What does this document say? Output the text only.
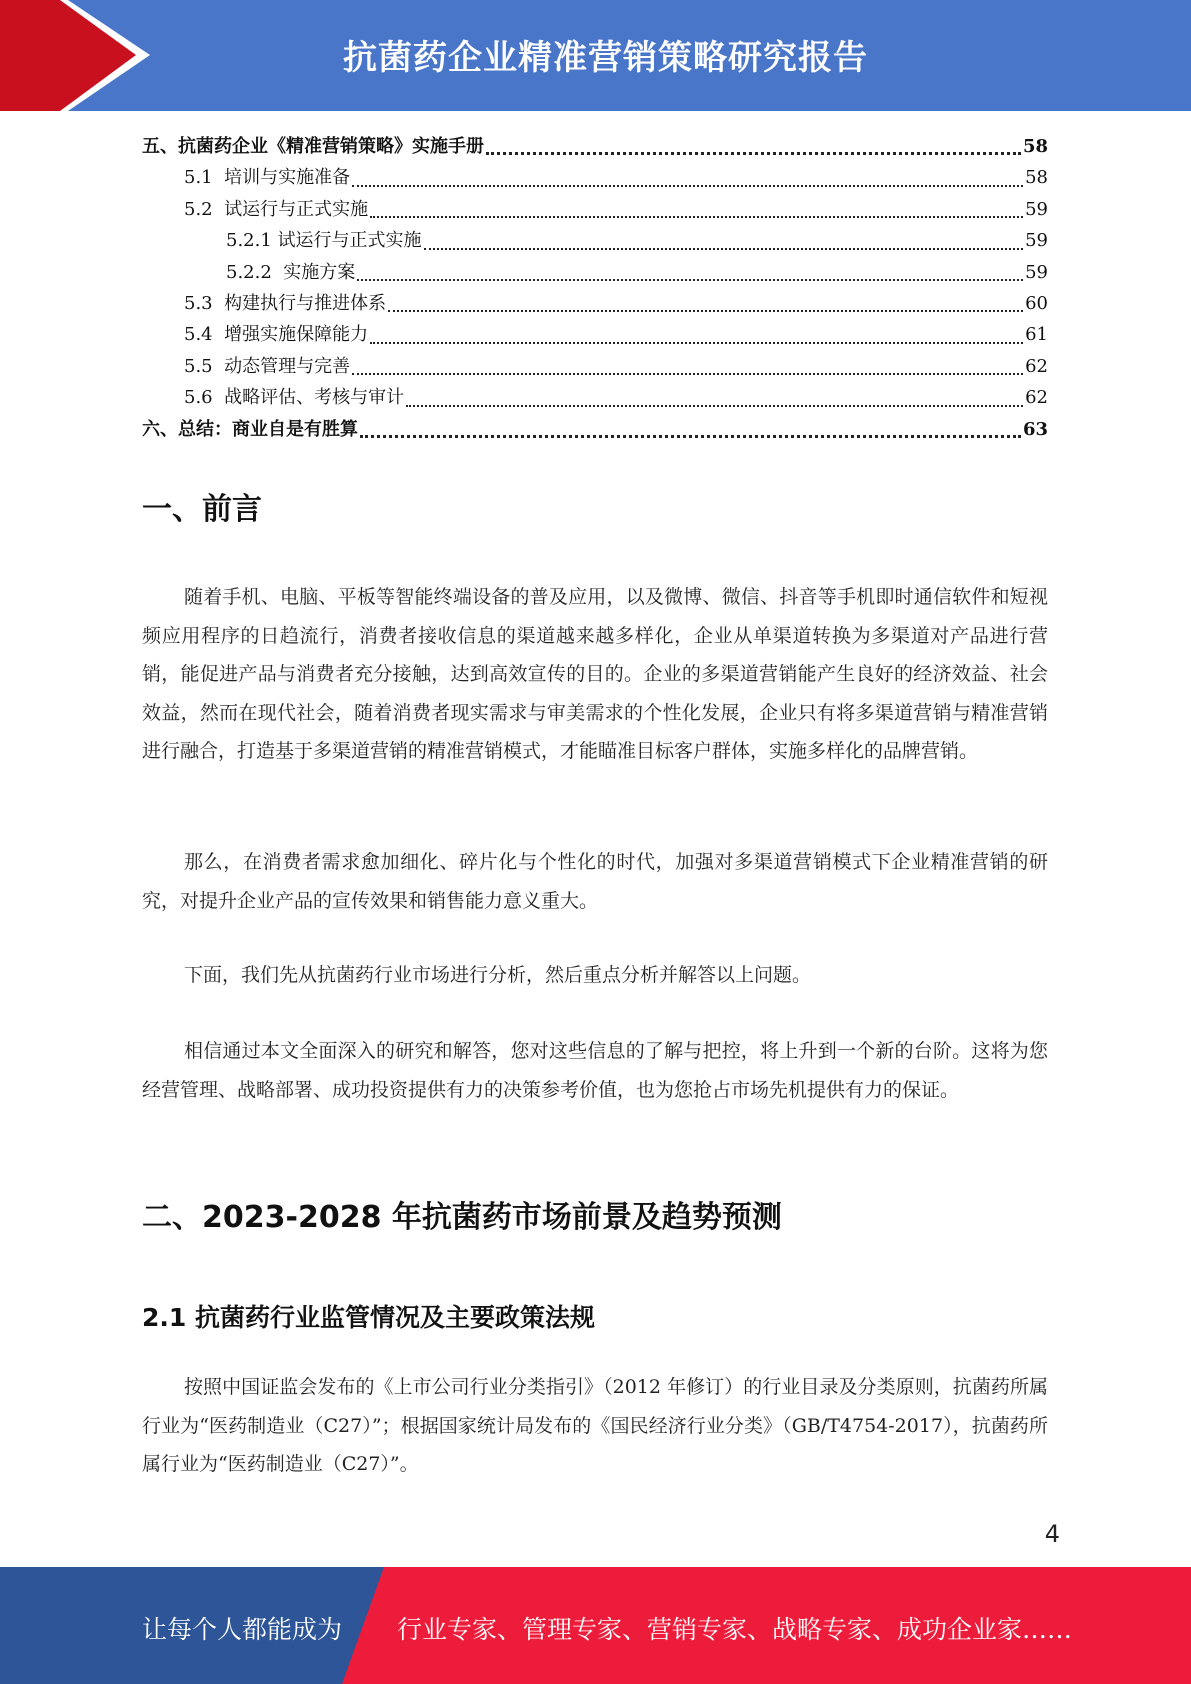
抗菌药企业精准营销策略研究报告
五、抗菌药企业《精准营销策略》实施手册	58
5.1  培训与实施准备	58
5.2  试运行与正式实施	59
5.2.1 试运行与正式实施	59
5.2.2  实施方案	59
5.3  构建执行与推进体系	60
5.4  增强实施保障能力	61
5.5  动态管理与完善	62
5.6  战略评估、考核与审计	62
六、总结：商业自是有胜算	63
一、前言

随着手机、电脑、平板等智能终端设备的普及应用，以及微博、微信、抖音等手机即时通信软件和短视频应用程序的日趋流行，消费者接收信息的渠道越来越多样化，企业从单渠道转换为多渠道对产品进行营销，能促进产品与消费者充分接触，达到高效宣传的目的。企业的多渠道营销能产生良好的经济效益、社会效益，然而在现代社会，随着消费者现实需求与审美需求的个性化发展，企业只有将多渠道营销与精准营销进行融合，打造基于多渠道营销的精准营销模式，才能瞄准目标客户群体，实施多样化的品牌营销。

那么，在消费者需求愈加细化、碎片化与个性化的时代，加强对多渠道营销模式下企业精准营销的研究，对提升企业产品的宣传效果和销售能力意义重大。

下面，我们先从抗菌药行业市场进行分析，然后重点分析并解答以上问题。

相信通过本文全面深入的研究和解答，您对这些信息的了解与把控，将上升到一个新的台阶。这将为您经营管理、战略部署、成功投资提供有力的决策参考价值，也为您抢占市场先机提供有力的保证。

二、2023-2028 年抗菌药市场前景及趋势预测
2.1 抗菌药行业监管情况及主要政策法规

按照中国证监会发布的《上市公司行业分类指引》（2012 年修订）的行业目录及分类原则，抗菌药所属行业为“医药制造业（C27）”；根据国家统计局发布的《国民经济行业分类》（GB/T4754-2017），抗菌药所属行业为“医药制造业（C27）”。

4
让每个人都能成为 行业专家、管理专家、营销专家、战略专家、成功企业家……
